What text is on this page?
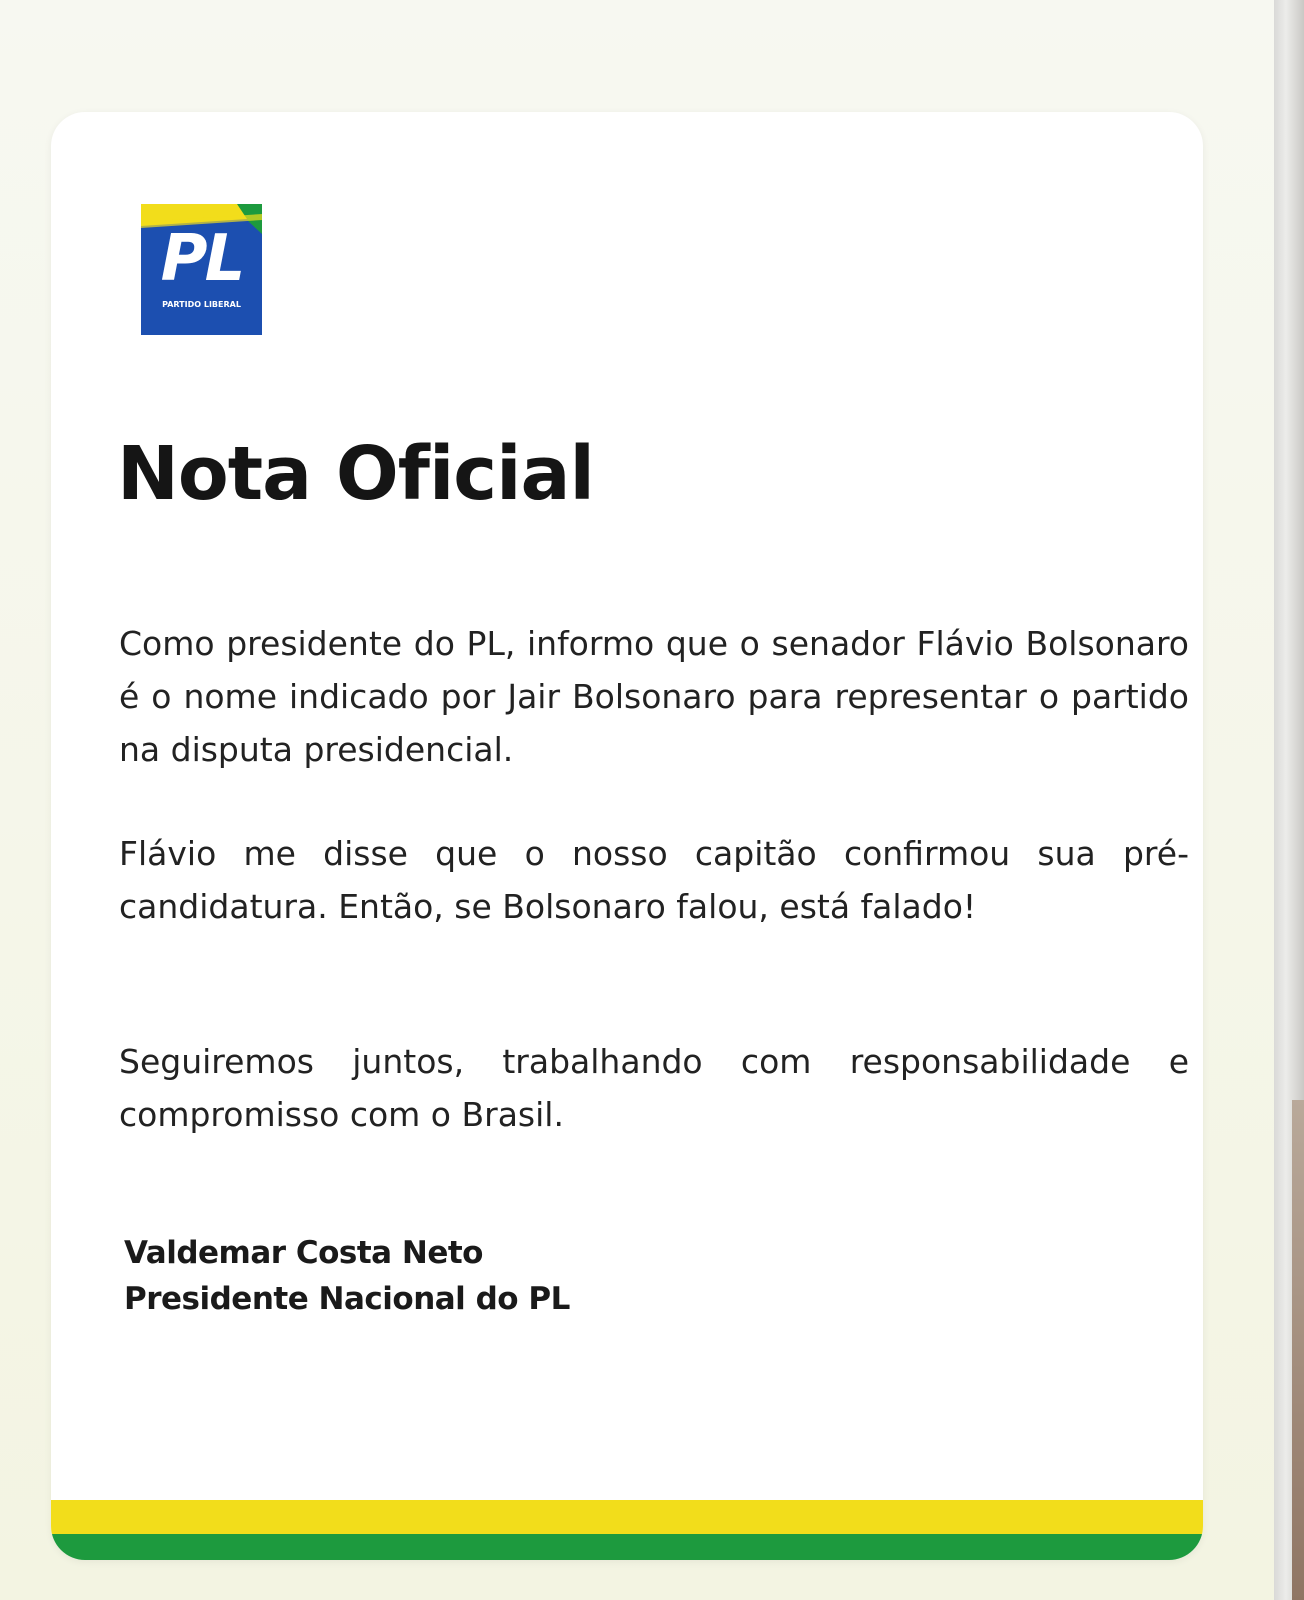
PL
PARTIDO LIBERAL
Nota Oficial

Como presidente do PL, informo que o senador Flávio Bolsonaro é o nome indicado por Jair Bolsonaro para representar o partido na disputa presidencial.

Flávio me disse que o nosso capitão confirmou sua pré-candidatura. Então, se Bolsonaro falou, está falado!

Seguiremos juntos, trabalhando com responsabilidade e compromisso com o Brasil.

Valdemar Costa Neto
Presidente Nacional do PL
